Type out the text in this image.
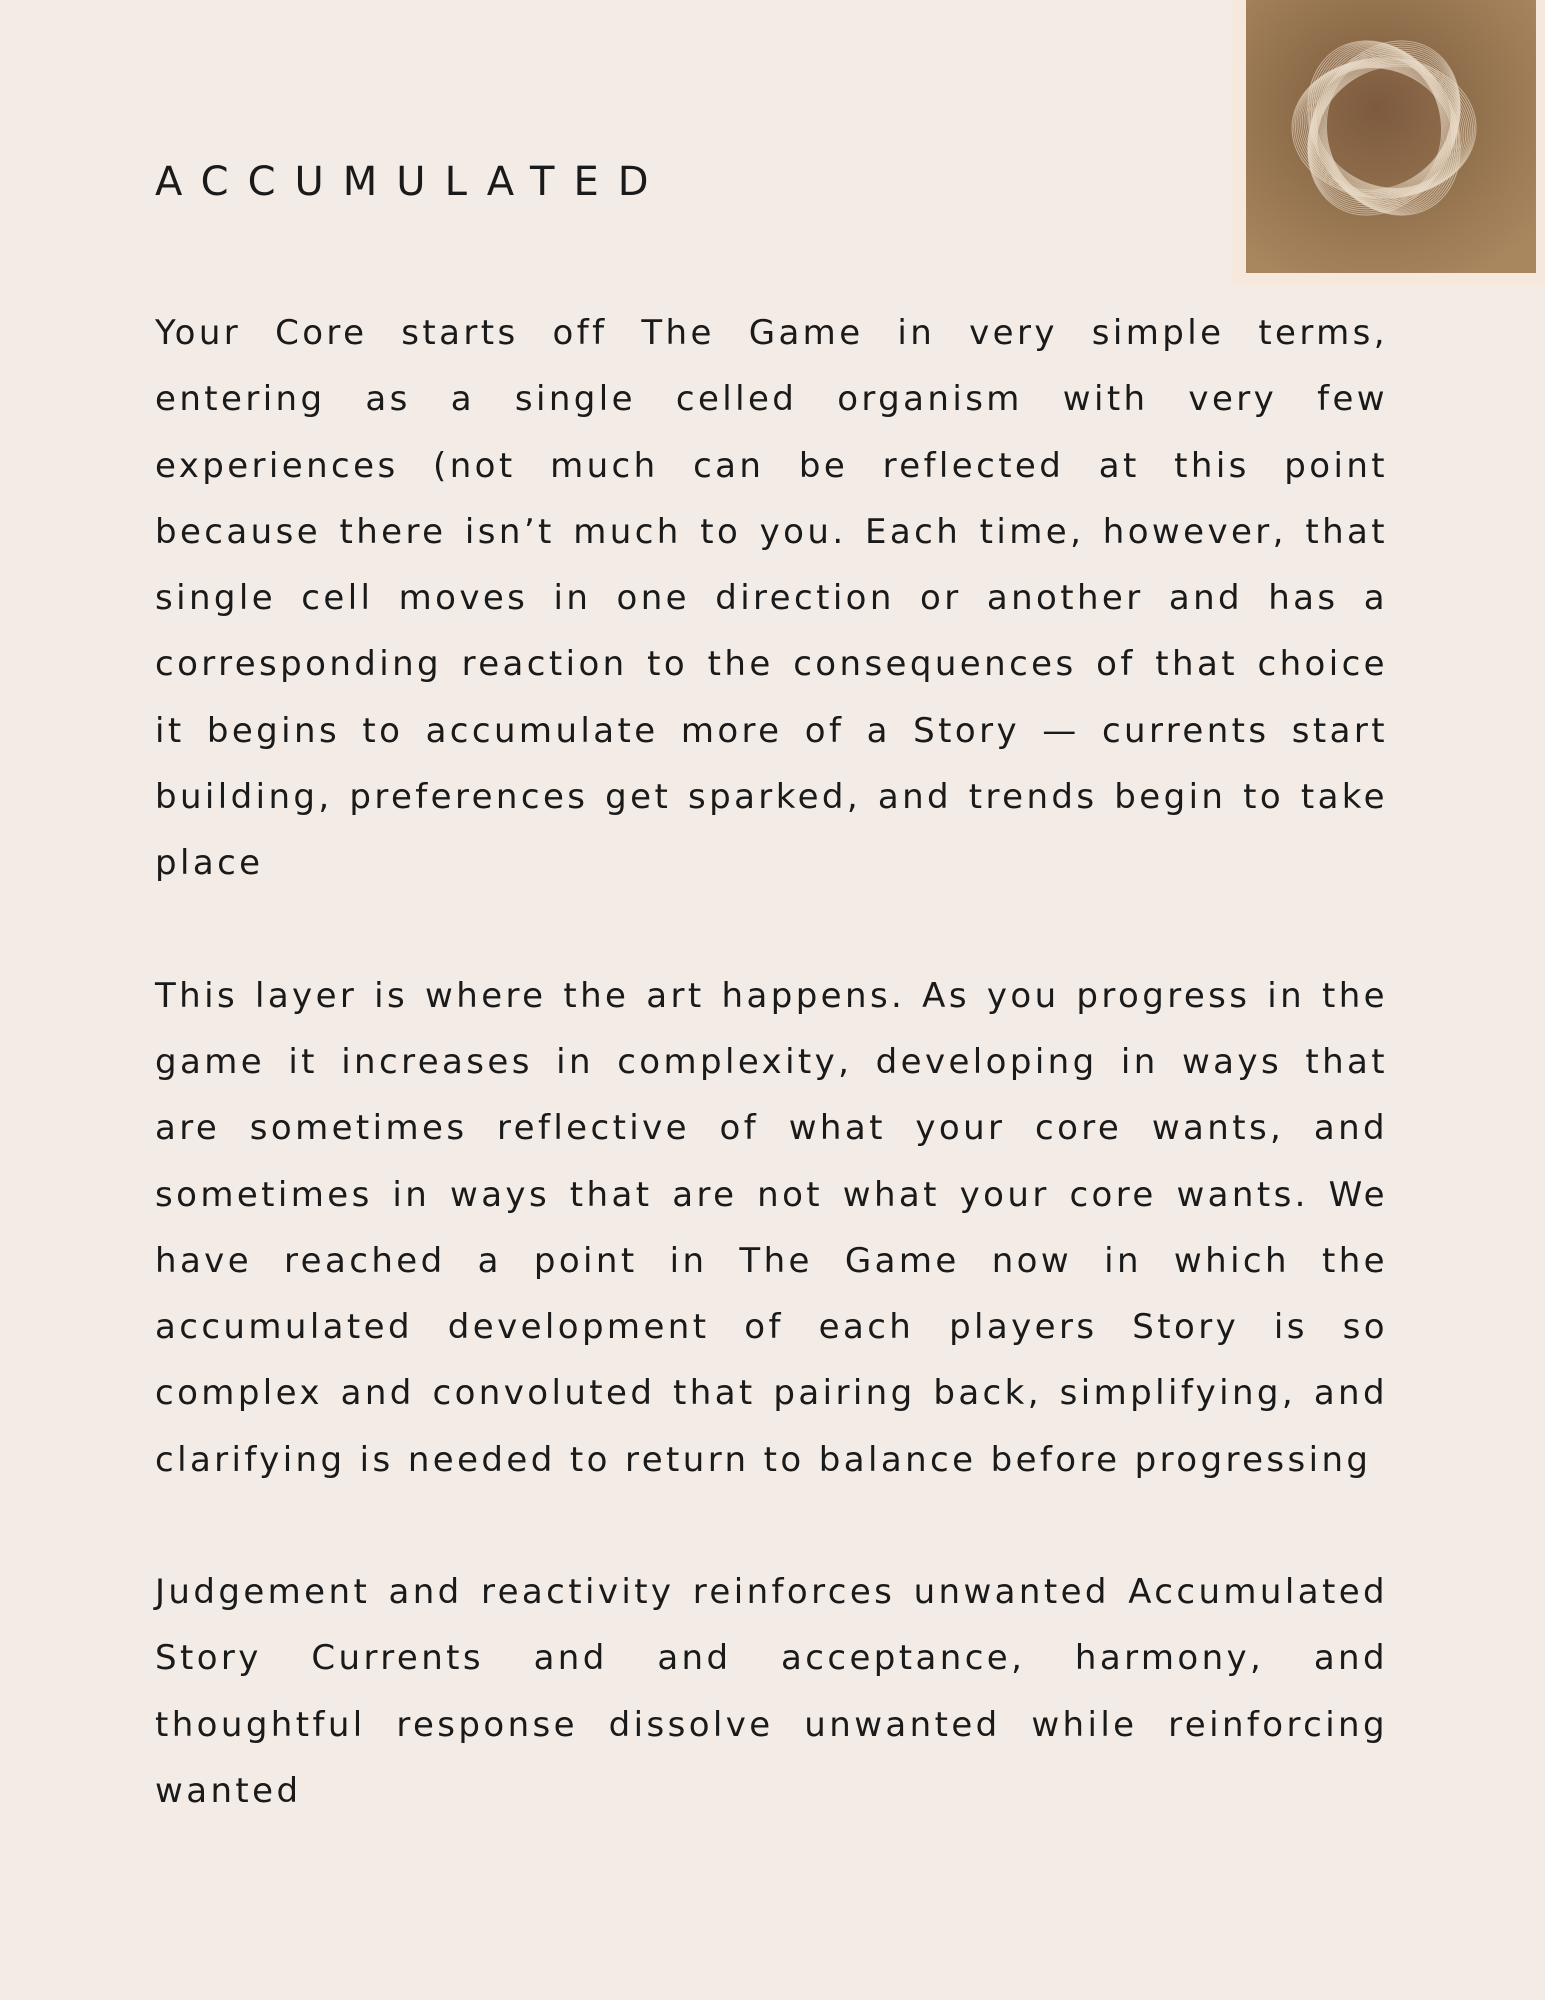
ACCUMULATED

Your Core starts off The Game in very simple terms, entering as a single celled organism with very few experiences (not much can be reflected at this point because there isn’t much to you. Each time, however, that single cell moves in one direction or another and has a corresponding reaction to the consequences of that choice it begins to accumulate more of a Story — currents start building, preferences get sparked, and trends begin to take place

This layer is where the art happens. As you progress in the game it increases in complexity, developing in ways that are sometimes reflective of what your core wants, and sometimes in ways that are not what your core wants. We have reached a point in The Game now in which the accumulated development of each players Story is so complex and convoluted that pairing back, simplifying, and clarifying is needed to return to balance before progressing

Judgement and reactivity reinforces unwanted Accumulated Story Currents and and acceptance, harmony, and thoughtful response dissolve unwanted while reinforcing wanted
